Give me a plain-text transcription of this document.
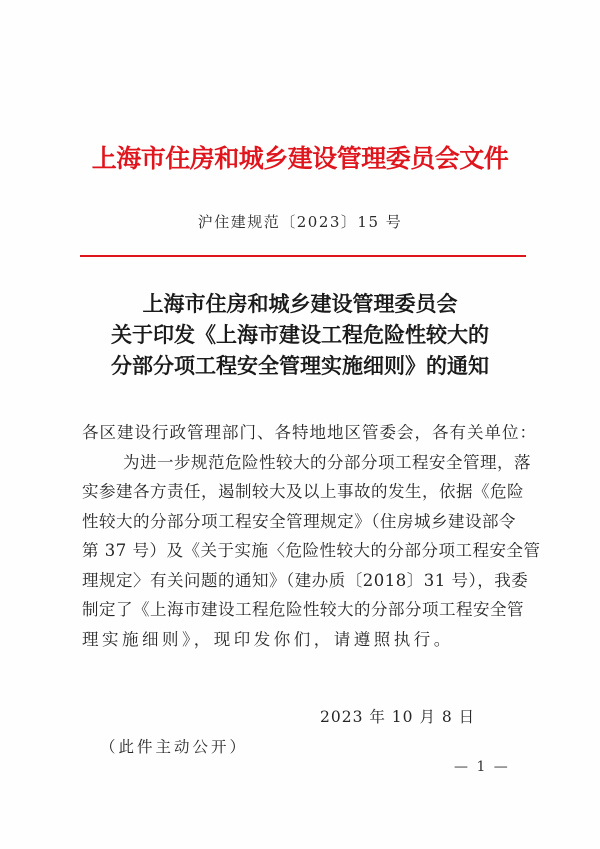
上海市住房和城乡建设管理委员会文件
沪住建规范〔2023〕15 号
上海市住房和城乡建设管理委员会
关于印发《上海市建设工程危险性较大的
分部分项工程安全管理实施细则》的通知
各区建设行政管理部门、各特地地区管委会，各有关单位：
为进一步规范危险性较大的分部分项工程安全管理，落
实参建各方责任，遏制较大及以上事故的发生，依据《危险
性较大的分部分项工程安全管理规定》（住房城乡建设部令
第 37 号）及《关于实施〈危险性较大的分部分项工程安全管
理规定〉有关问题的通知》（建办质〔2018〕31 号），我委
制定了《上海市建设工程危险性较大的分部分项工程安全管
理实施细则》，现印发你们，请遵照执行。
2023 年 10 月 8 日
（此件主动公开）
— 1 —
